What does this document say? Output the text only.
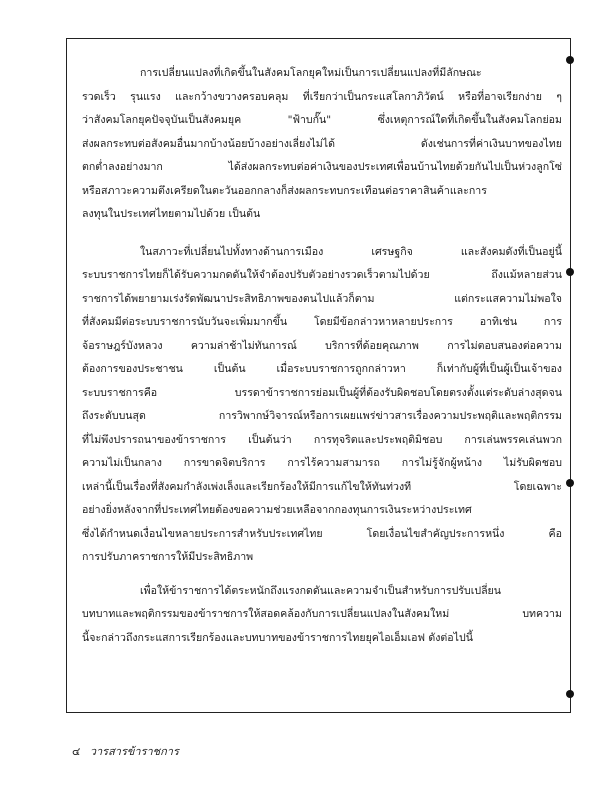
การเปลี่ยนแปลงที่เกิดขึ้นในสังคมโลกยุคใหม่เป็นการเปลี่ยนแปลงที่มีลักษณะ
รวดเร็ว รุนแรง และกว้างขวางครอบคลุม ที่เรียกว่าเป็นกระแสโลกาภิวัตน์ หรือที่อาจเรียกง่าย ๆ
ว่าสังคมโลกยุคปัจจุบันเป็นสังคมยุค "ฟ้าบกั๊น" ซึ่งเหตุการณ์ใดที่เกิดขึ้นในสังคมโลกย่อม
ส่งผลกระทบต่อสังคมอื่นมากบ้างน้อยบ้างอย่างเลี่ยงไม่ได้ ดังเช่นการที่ค่าเงินบาทของไทย
ตกต่ำลงอย่างมาก ได้ส่งผลกระทบต่อค่าเงินของประเทศเพื่อนบ้านไทยด้วยกันไปเป็นห่วงลูกโซ่
หรือสภาวะความตึงเครียดในตะวันออกกลางก็ส่งผลกระทบกระเทือนต่อราคาสินค้าและการ
ลงทุนในประเทศไทยตามไปด้วย เป็นต้น
ในสภาวะที่เปลี่ยนไปทั้งทางด้านการเมือง เศรษฐกิจ และสังคมดังที่เป็นอยู่นี้
ระบบราชการไทยก็ได้รับความกดดันให้จำต้องปรับตัวอย่างรวดเร็วตามไปด้วย ถึงแม้หลายส่วน
ราชการได้พยายามเร่งรัดพัฒนาประสิทธิภาพของตนไปแล้วก็ตาม แต่กระแสความไม่พอใจ
ที่สังคมมีต่อระบบราชการนับวันจะเพิ่มมากขึ้น โดยมีข้อกล่าวหาหลายประการ อาทิเช่น การ
จ้อราษฎร์บังหลวง ความล่าช้าไม่ทันการณ์ บริการที่ด้อยคุณภาพ การไม่ตอบสนองต่อความ
ต้องการของประชาชน เป็นต้น เมื่อระบบราชการถูกกล่าวหา ก็เท่ากับผู้ที่เป็นผู้เป็นเจ้าของ
ระบบราชการคือ บรรดาข้าราชการย่อมเป็นผู้ที่ต้องรับผิดชอบโดยตรงตั้งแต่ระดับล่างสุดจน
ถึงระดับบนสุด การวิพากษ์วิจารณ์หรือการเผยแพร่ข่าวสารเรื่องความประพฤติและพฤติกรรม
ที่ไม่พึงปรารถนาของข้าราชการ เป็นต้นว่า การทุจริตและประพฤติมิชอบ การเล่นพรรคเล่นพวก
ความไม่เป็นกลาง การขาดจิตบริการ การไร้ความสามารถ การไม่รู้จักผู้หน้าง ไม่รับผิดชอบ
เหล่านี้เป็นเรื่องที่สังคมกำลังเพ่งเล็งและเรียกร้องให้มีการแก้ไขให้ทันท่วงที โดยเฉพาะ
อย่างยิ่งหลังจากที่ประเทศไทยต้องขอความช่วยเหลือจากกองทุนการเงินระหว่างประเทศ
ซึ่งได้กำหนดเงื่อนไขหลายประการสำหรับประเทศไทย โดยเงื่อนไขสำคัญประการหนึ่ง คือ
การปรับภาคราชการให้มีประสิทธิภาพ
เพื่อให้ข้าราชการได้ตระหนักถึงแรงกดดันและความจำเป็นสำหรับการปรับเปลี่ยน
บทบาทและพฤติกรรมของข้าราชการให้สอดคล้องกับการเปลี่ยนแปลงในสังคมใหม่ บทความ
นี้จะกล่าวถึงกระแสการเรียกร้องและบทบาทของข้าราชการไทยยุคไอเอ็มเอฟ ดังต่อไปนี้
๔ วารสารข้าราชการ
